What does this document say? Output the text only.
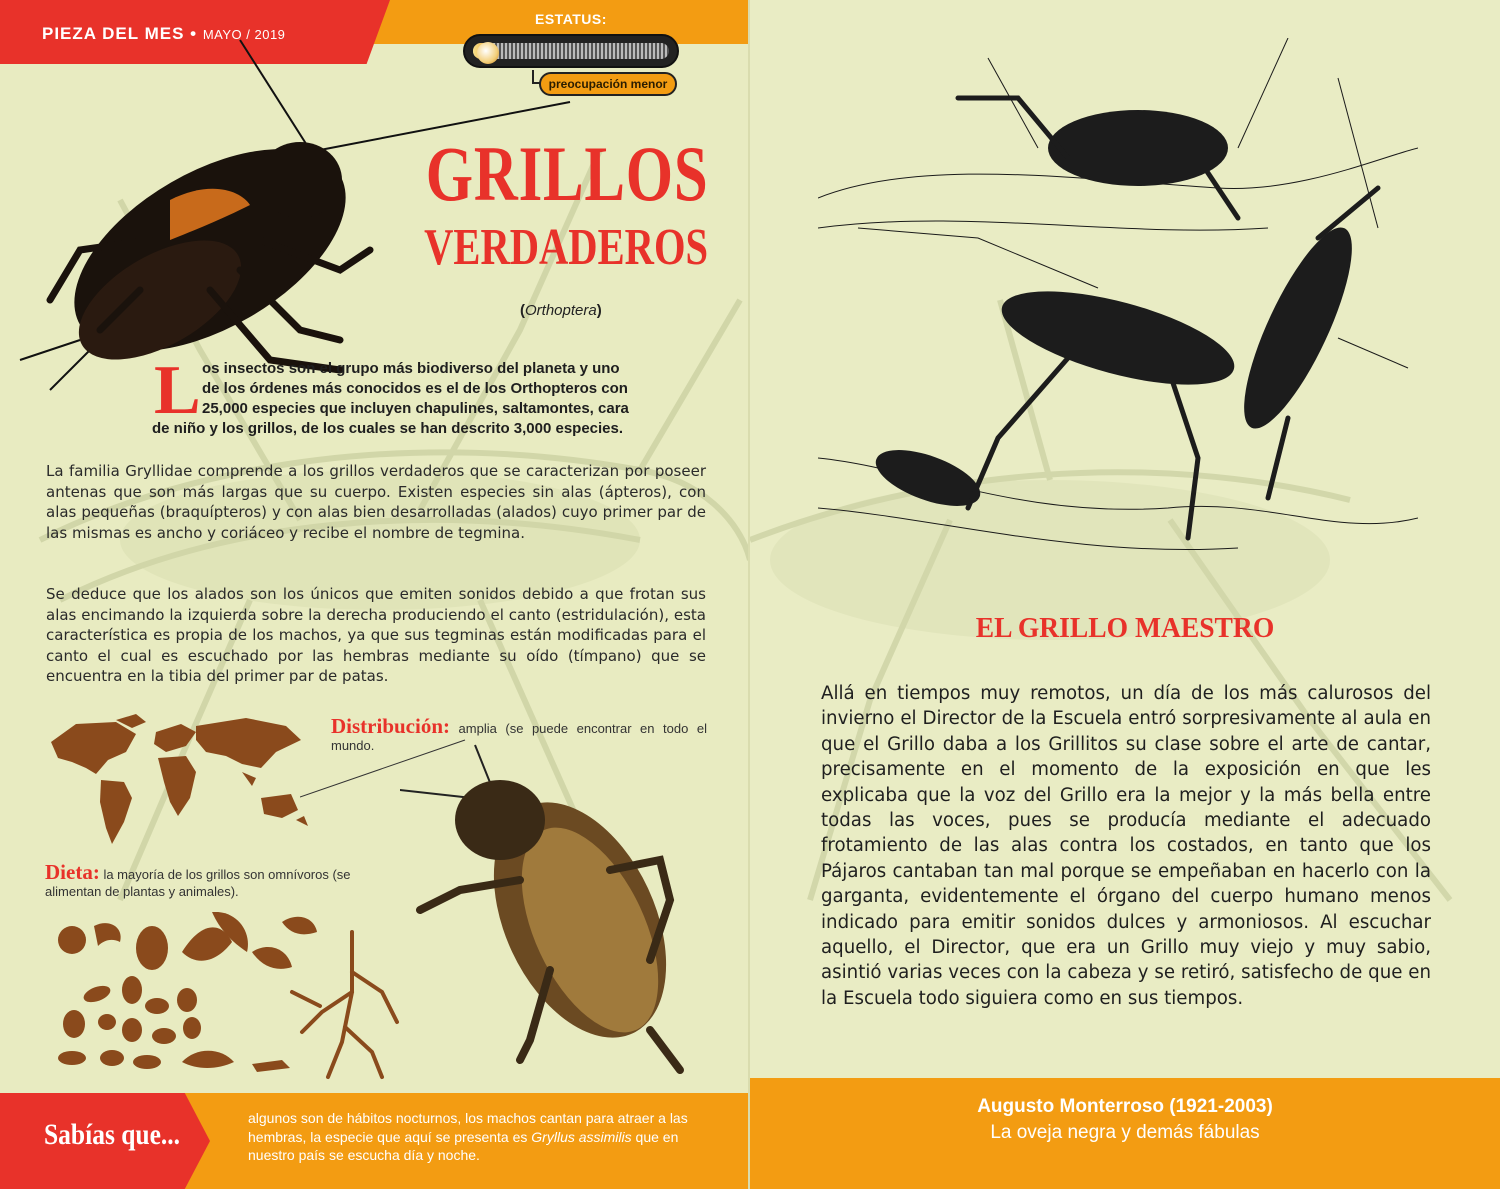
PIEZA DEL MES • MAYO / 2019
ESTATUS:
preocupación menor
GRILLOS
VERDADEROS
(Orthoptera)
L os insectos son el grupo más biodiverso del planeta y uno
de los órdenes más conocidos es el de los Orthopteros con
25,000 especies que incluyen chapulines, saltamontes, cara
de niño y los grillos, de los cuales se han descrito 3,000 especies.
La familia Gryllidae comprende a los grillos verdaderos que se caracterizan por poseer antenas que son más largas que su cuerpo. Existen especies sin alas (ápteros), con alas pequeñas (braquípteros) y con alas bien desarrolladas (alados) cuyo primer par de las mismas es ancho y coriáceo y recibe el nombre de tegmina.
Se deduce que los alados son los únicos que emiten sonidos debido a que frotan sus alas encimando la izquierda sobre la derecha produciendo el canto (estridulación), esta característica es propia de los machos, ya que sus tegminas están modificadas para el canto el cual es escuchado por las hembras mediante su oído (tímpano) que se encuentra en la tibia del primer par de patas.
Distribución: amplia (se puede encontrar en todo el mundo.
Dieta: la mayoría de los grillos son omnívoros (se alimentan de plantas y animales).
Sabías que...	algunos son de hábitos nocturnos, los machos cantan para atraer a las hembras, la especie que aquí se presenta es Gryllus assimilis que en nuestro país se escucha día y noche.
EL GRILLO MAESTRO
Allá en tiempos muy remotos, un día de los más calurosos del invierno el Director de la Escuela entró sorpresivamente al aula en que el Grillo daba a los Grillitos su clase sobre el arte de cantar, precisamente en el momento de la exposición en que les explicaba que la voz del Grillo era la mejor y la más bella entre todas las voces, pues se producía mediante el adecuado frotamiento de las alas contra los costados, en tanto que los Pájaros cantaban tan mal porque se empeñaban en hacerlo con la garganta, evidentemente el órgano del cuerpo humano menos indicado para emitir sonidos dulces y armoniosos. Al escuchar aquello, el Director, que era un Grillo muy viejo y muy sabio, asintió varias veces con la cabeza y se retiró, satisfecho de que en la Escuela todo siguiera como en sus tiempos.
Augusto Monterroso (1921-2003)
La oveja negra y demás fábulas
